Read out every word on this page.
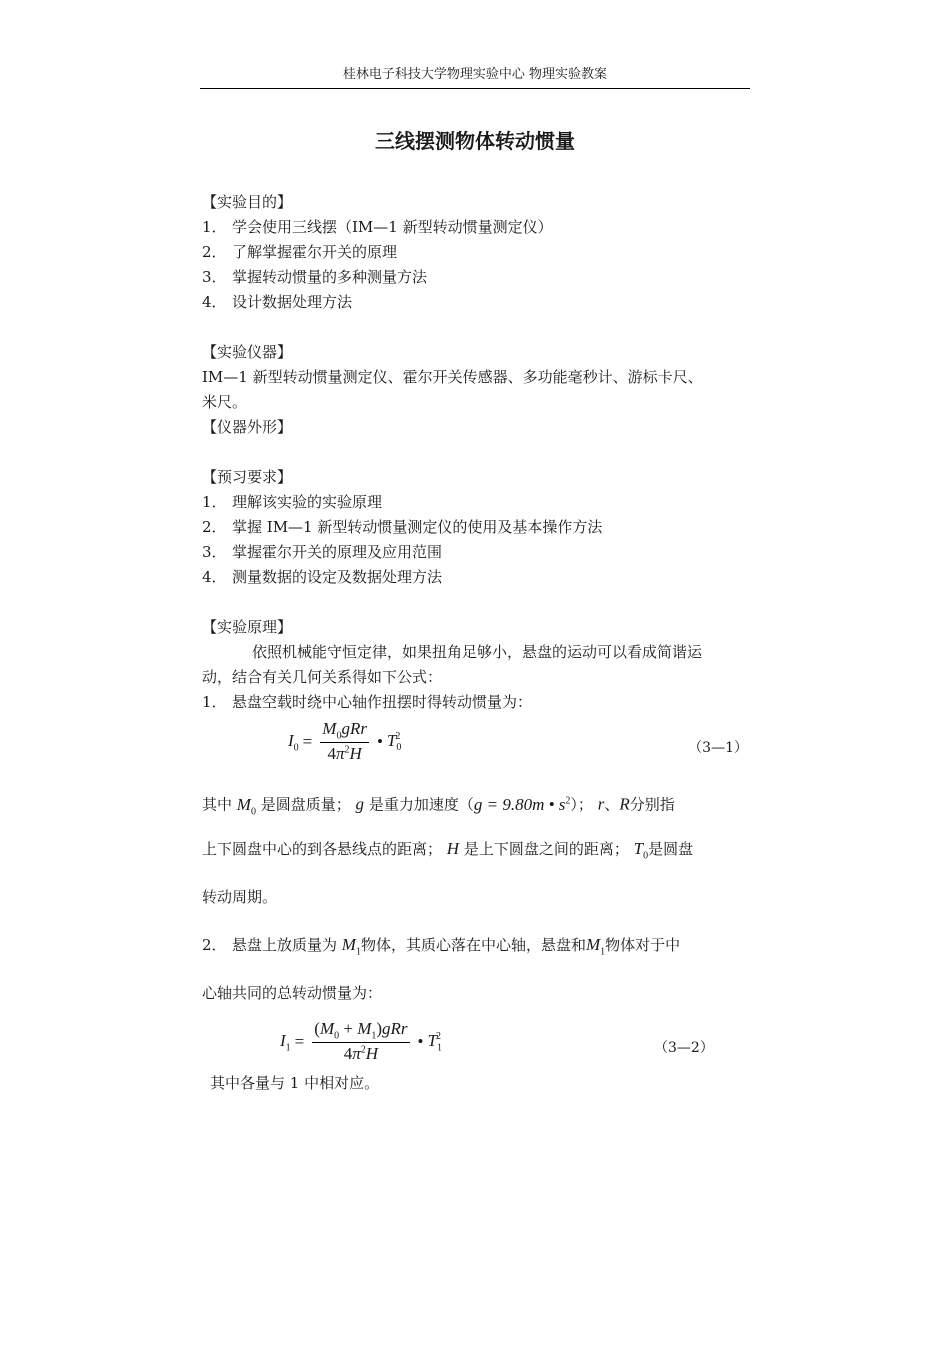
桂林电子科技大学物理实验中心 物理实验教案
三线摆测物体转动惯量
【实验目的】
1． 学会使用三线摆（IM—1 新型转动惯量测定仪）
2． 了解掌握霍尔开关的原理
3． 掌握转动惯量的多种测量方法
4． 设计数据处理方法
【实验仪器】
IM—1 新型转动惯量测定仪、霍尔开关传感器、多功能毫秒计、游标卡尺、
米尺。
【仪器外形】
【预习要求】
1． 理解该实验的实验原理
2． 掌握 IM—1 新型转动惯量测定仪的使用及基本操作方法
3． 掌握霍尔开关的原理及应用范围
4． 测量数据的设定及数据处理方法
【实验原理】
依照机械能守恒定律，如果扭角足够小，悬盘的运动可以看成简谐运
动，结合有关几何关系得如下公式：
1． 悬盘空载时绕中心轴作扭摆时得转动惯量为：
$I_0 = \frac{M_0gRr}{4\pi^2H}$ • $T_0^2$
（3—1）
其中 $M_0$ 是圆盘质量； g 是重力加速度（g = 9.80m • $s^2$）； r、R分别指
上下圆盘中心的到各悬线点的距离； H 是上下圆盘之间的距离； $T_0$是圆盘
转动周期。
2． 悬盘上放质量为 $M_1$物体，其质心落在中心轴，悬盘和$M_1$物体对于中
心轴共同的总转动惯量为：
$I_1 = \frac{(M_0 + M_1)gRr}{4\pi^2H}$ • $T_1^2$
（3—2）
其中各量与 1 中相对应。
